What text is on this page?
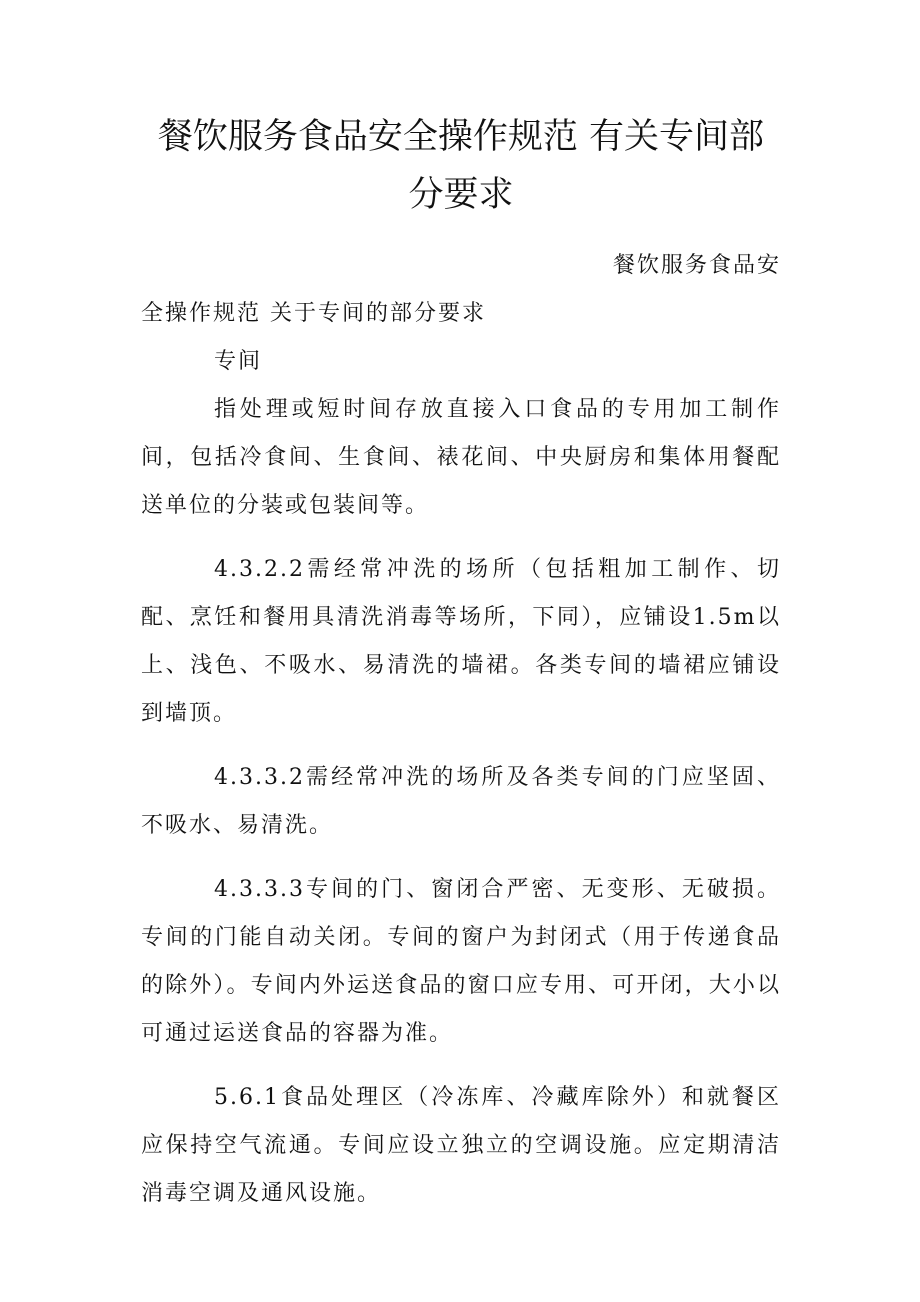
餐饮服务食品安全操作规范 有关专间部分要求

餐饮服务食品安

全操作规范 关于专间的部分要求

专间

指处理或短时间存放直接入口食品的专用加工制作间，包括冷食间、生食间、裱花间、中央厨房和集体用餐配送单位的分装或包装间等。

4.3.2.2需经常冲洗的场所（包括粗加工制作、切配、烹饪和餐用具清洗消毒等场所，下同），应铺设1.5m以上、浅色、不吸水、易清洗的墙裙。各类专间的墙裙应铺设到墙顶。

4.3.3.2需经常冲洗的场所及各类专间的门应坚固、不吸水、易清洗。

4.3.3.3专间的门、窗闭合严密、无变形、无破损。专间的门能自动关闭。专间的窗户为封闭式（用于传递食品的除外）。专间内外运送食品的窗口应专用、可开闭，大小以可通过运送食品的容器为准。

5.6.1食品处理区（冷冻库、冷藏库除外）和就餐区应保持空气流通。专间应设立独立的空调设施。应定期清洁消毒空调及通风设施。
